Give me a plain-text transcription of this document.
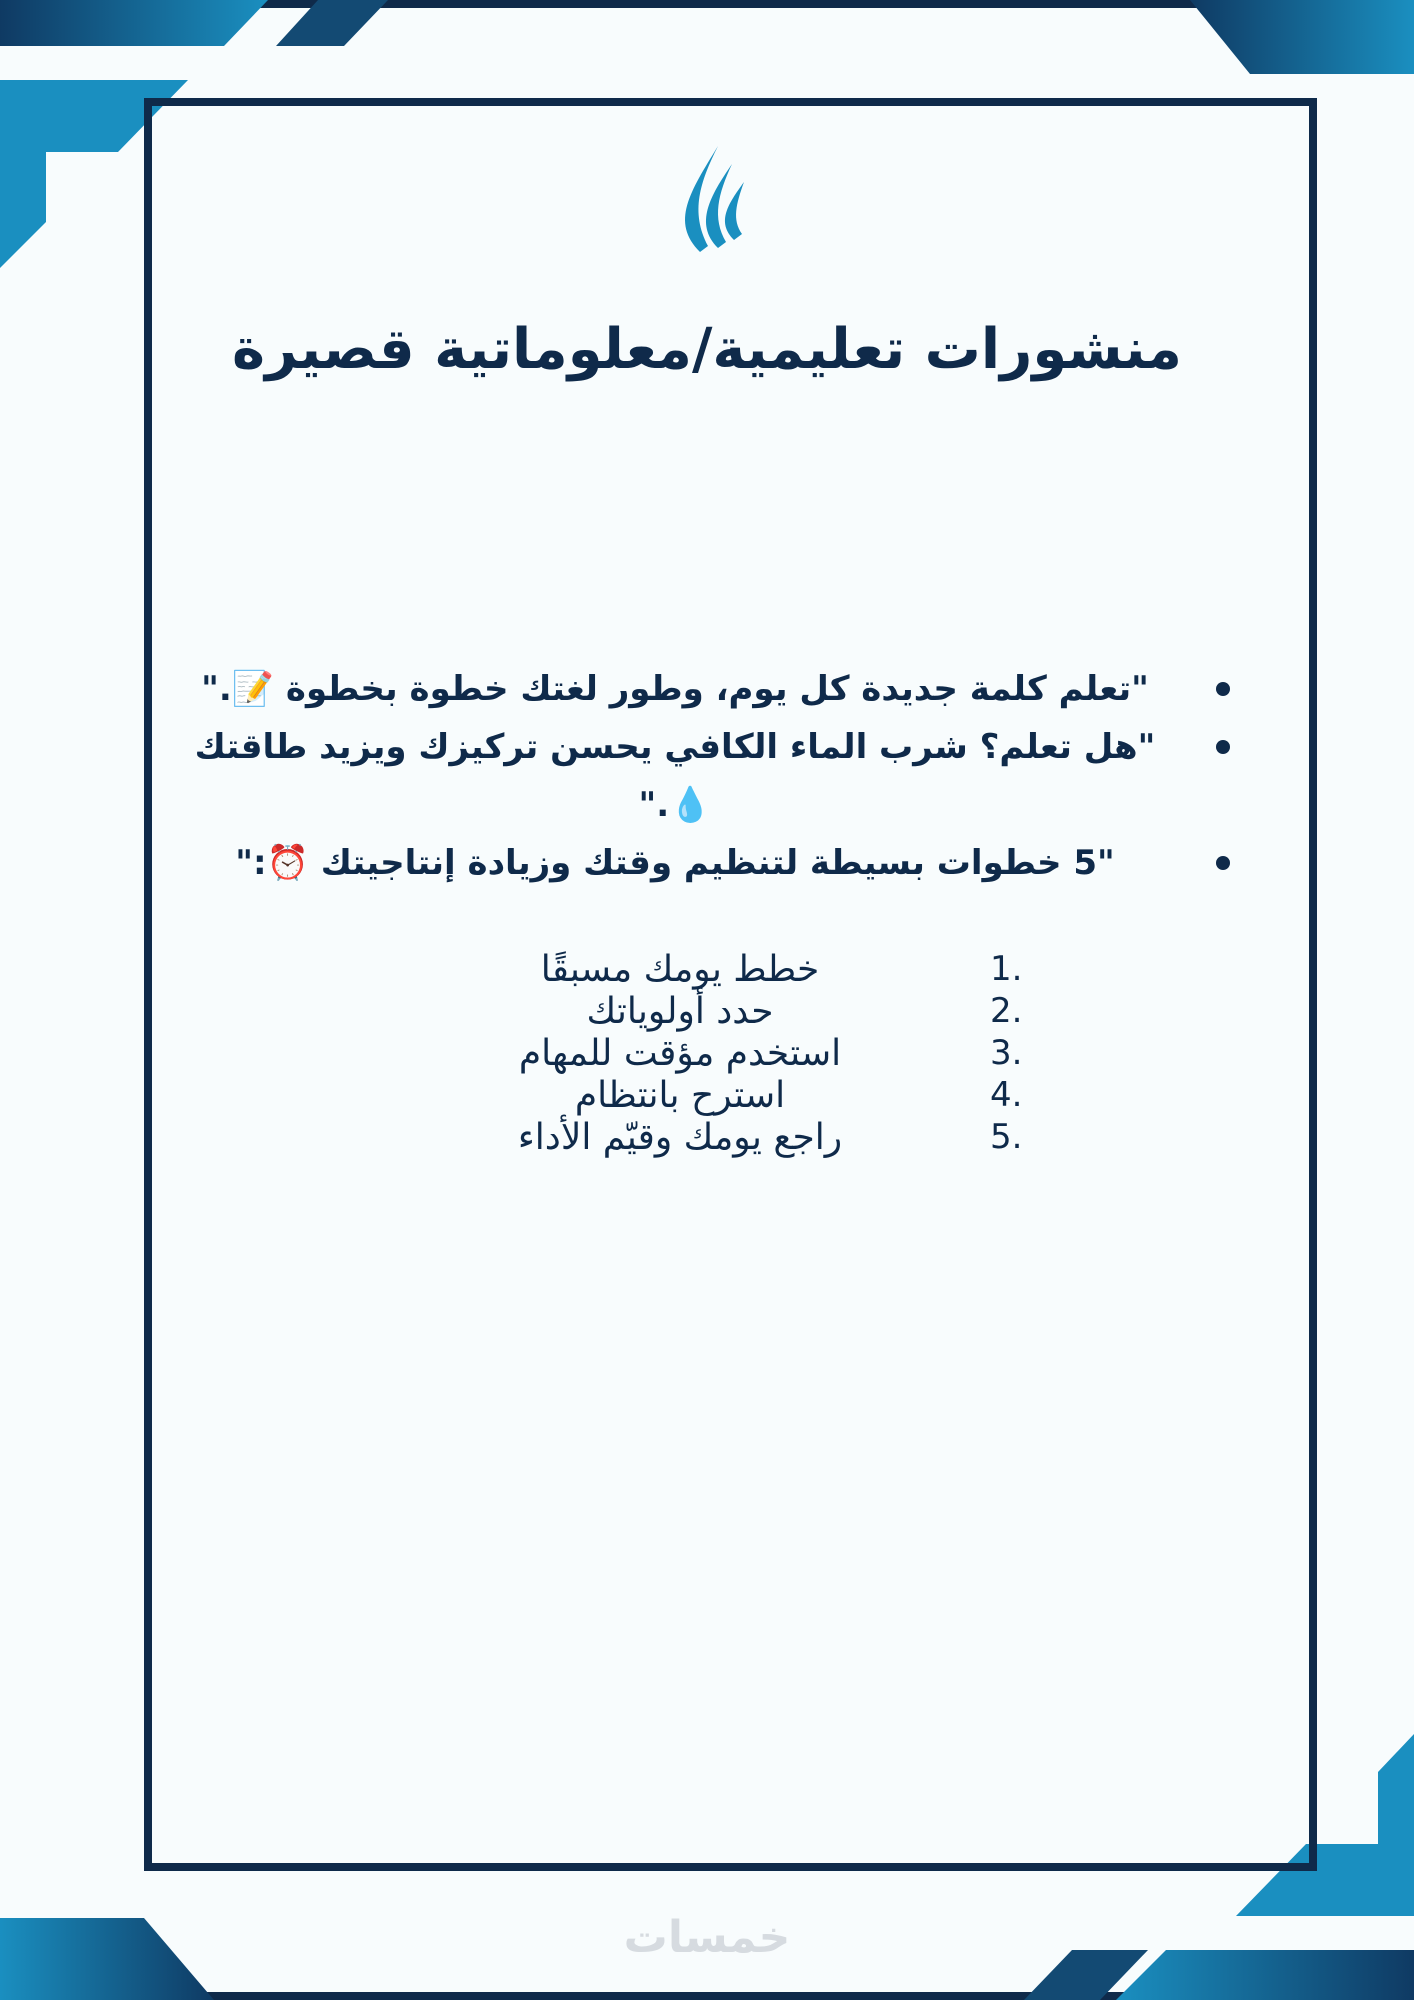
منشورات تعليمية/معلوماتية قصيرة
"تعلم كلمة جديدة كل يوم، وطور لغتك خطوة بخطوة 📝."
"هل تعلم؟ شرب الماء الكافي يحسن تركيزك ويزيد طاقتك 💧."
"5 خطوات بسيطة لتنظيم وقتك وزيادة إنتاجيتك ⏰:"
خطط يومك مسبقًا	1.
حدد أولوياتك	2.
استخدم مؤقت للمهام	3.
استرح بانتظام	4.
راجع يومك وقيّم الأداء	5.
خمسات
